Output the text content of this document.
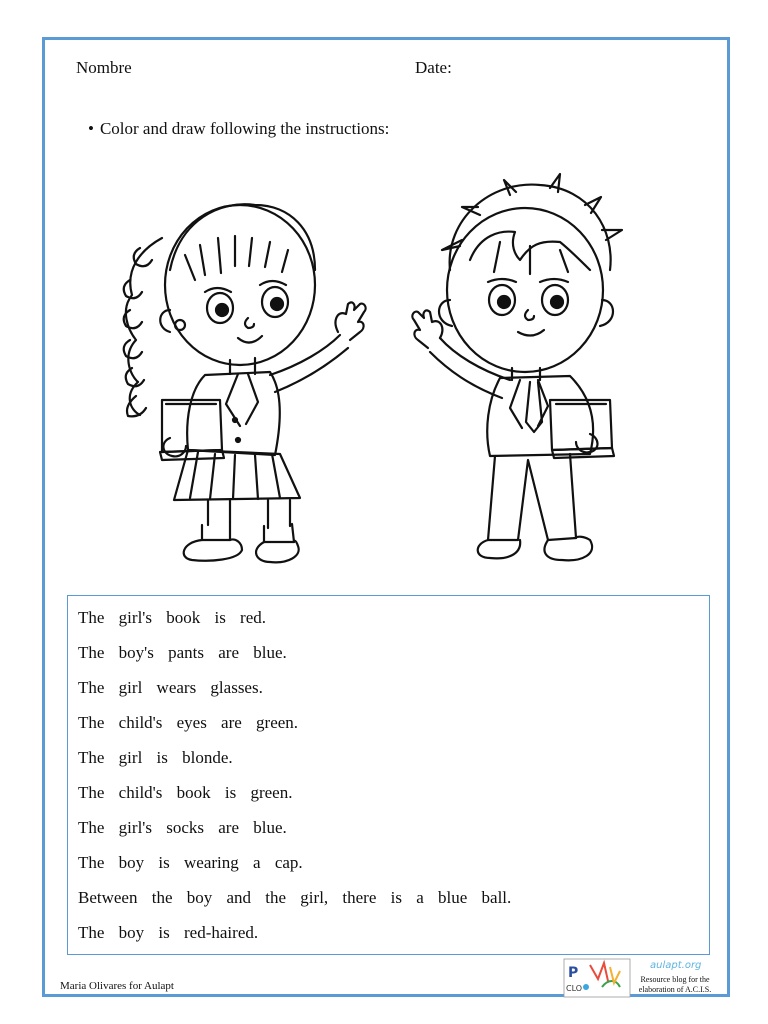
Nombre	Date:
• Color and draw following the instructions:
The girl's book is red.
The boy's pants are blue.
The girl wears glasses.
The child's eyes are green.
The girl is blonde.
The child's book is green.
The girl's socks are blue.
The boy is wearing a cap.
Between the boy and the girl, there is a blue ball.
The boy is red-haired.
Maria Olivares for Aulapt
P
CLO
aulapt.org
Resource blog for the elaboration of A.C.I.S.
